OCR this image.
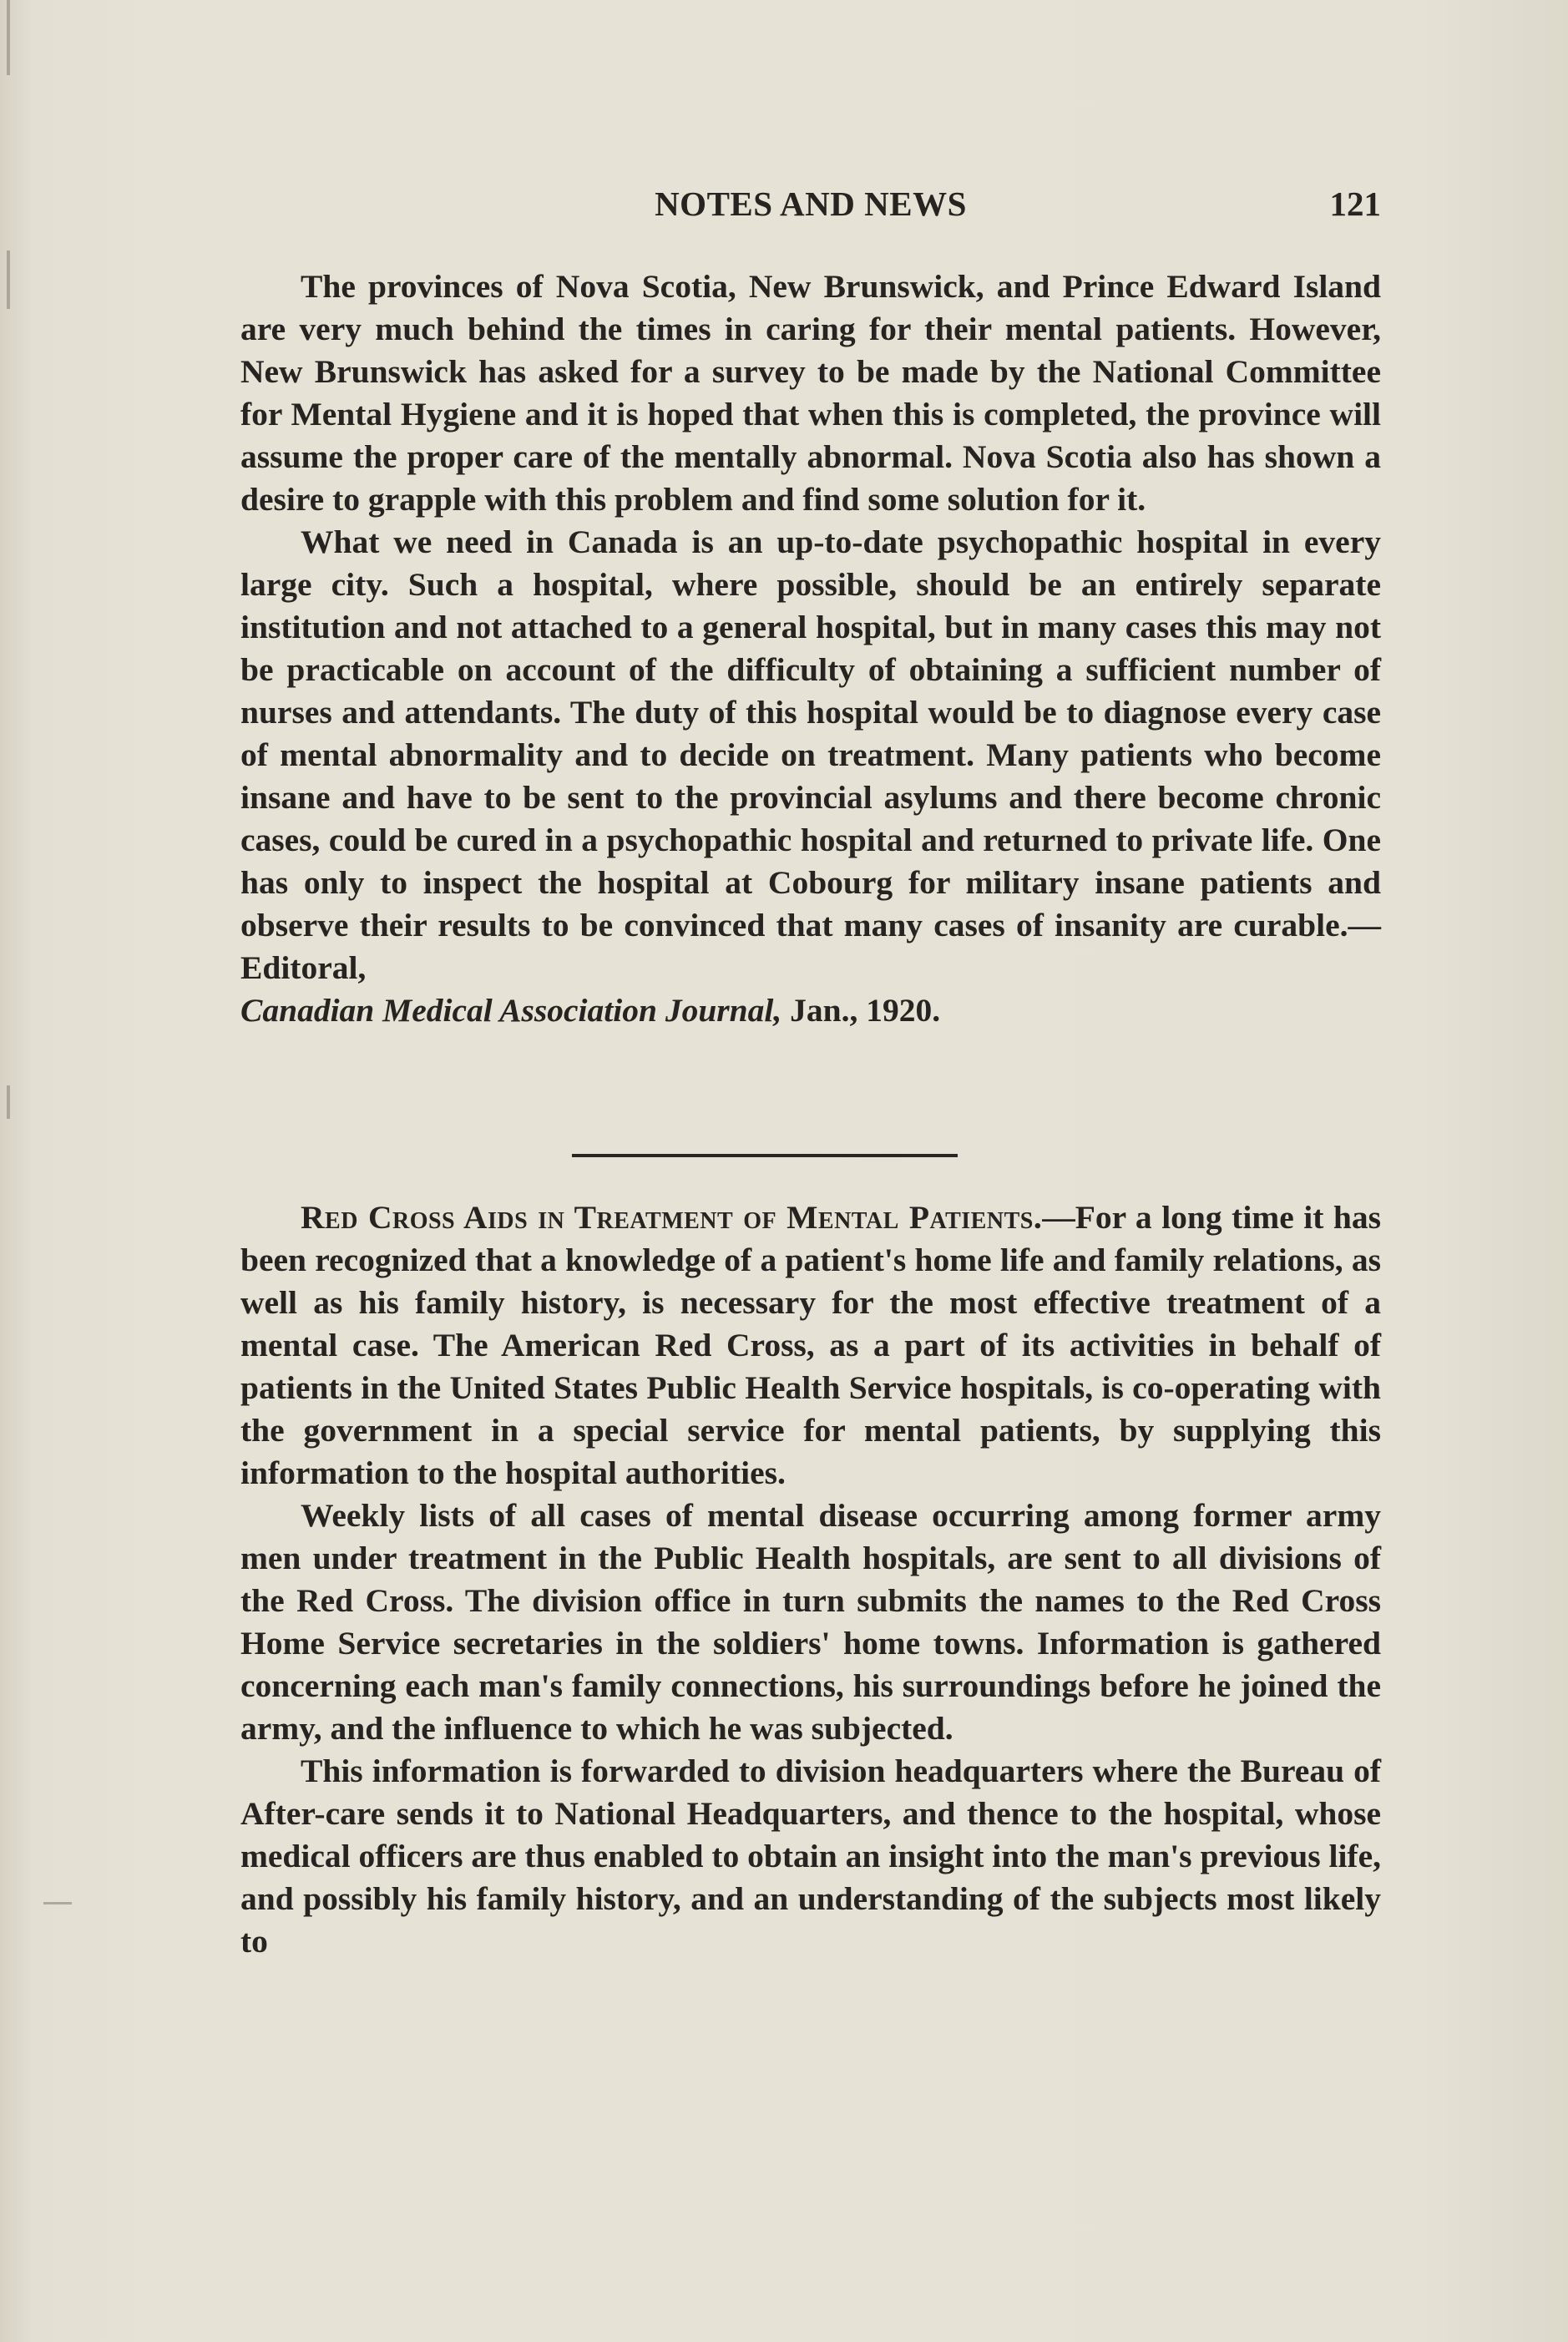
NOTES AND NEWS	121

The provinces of Nova Scotia, New Brunswick, and Prince Edward Island are very much behind the times in caring for their mental patients. However, New Brunswick has asked for a survey to be made by the National Committee for Mental Hygiene and it is hoped that when this is completed, the province will assume the proper care of the mentally abnormal. Nova Scotia also has shown a desire to grapple with this problem and find some solution for it.

What we need in Canada is an up-to-date psychopathic hospital in every large city. Such a hospital, where possible, should be an entirely separate institution and not attached to a general hospital, but in many cases this may not be practicable on account of the difficulty of obtaining a sufficient number of nurses and attendants. The duty of this hospital would be to diagnose every case of mental abnormality and to decide on treatment. Many patients who become insane and have to be sent to the provincial asylums and there become chronic cases, could be cured in a psychopathic hospital and returned to private life. One has only to inspect the hospital at Cobourg for military insane patients and observe their results to be convinced that many cases of insanity are curable.—Editoral,
Canadian Medical Association Journal, Jan., 1920.

Red Cross Aids in Treatment of Mental Patients.—For a long time it has been recognized that a knowledge of a patient's home life and family relations, as well as his family history, is necessary for the most effective treatment of a mental case. The American Red Cross, as a part of its activities in behalf of patients in the United States Public Health Service hospitals, is co-operating with the government in a special service for mental patients, by supplying this information to the hospital authorities.

Weekly lists of all cases of mental disease occurring among former army men under treatment in the Public Health hospitals, are sent to all divisions of the Red Cross. The division office in turn submits the names to the Red Cross Home Service secretaries in the soldiers' home towns. Information is gathered concerning each man's family connections, his surroundings before he joined the army, and the influence to which he was subjected.

This information is forwarded to division headquarters where the Bureau of After-care sends it to National Headquarters, and thence to the hospital, whose medical officers are thus enabled to obtain an insight into the man's previous life, and possibly his family history, and an understanding of the subjects most likely to
